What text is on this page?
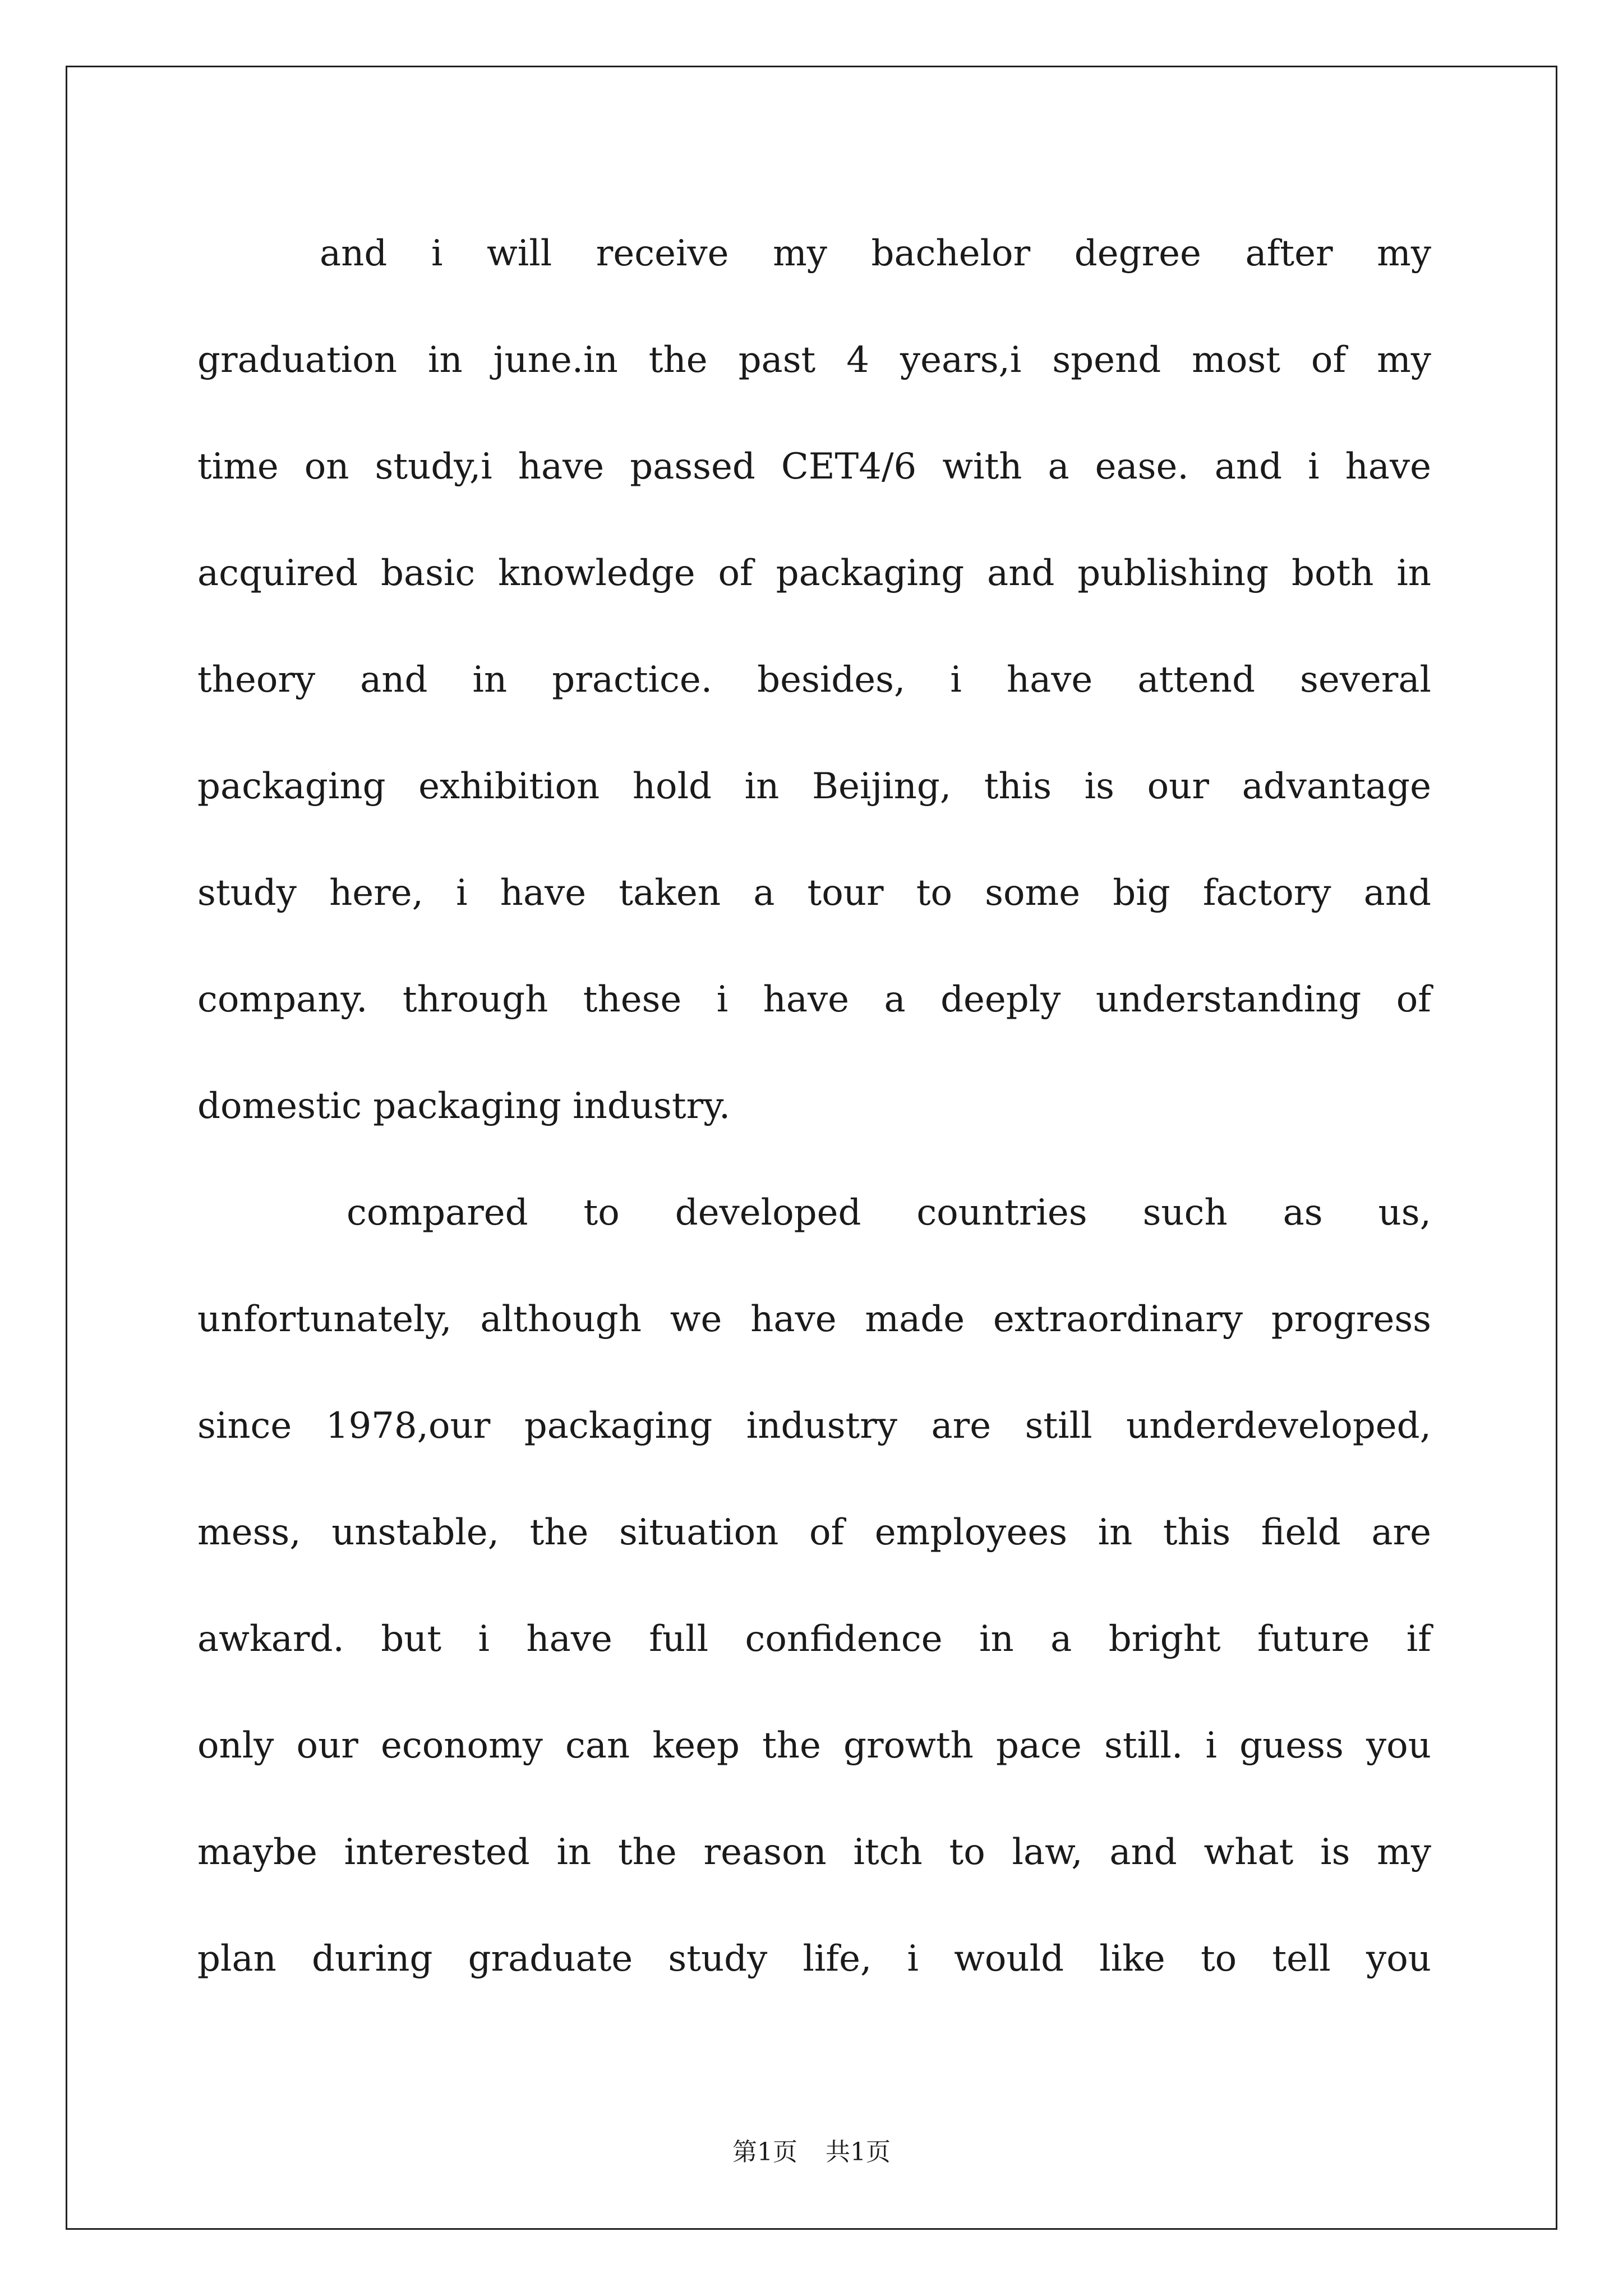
and i will receive my bachelor degree after my
graduation in june.in the past 4 years,i spend most of my
time on study,i have passed CET4/6 with a ease. and i have
acquired basic knowledge of packaging and publishing both in
theory and in practice. besides, i have attend several
packaging exhibition hold in Beijing, this is our advantage
study here, i have taken a tour to some big factory and
company. through these i have a deeply understanding of
domestic packaging industry.
compared to developed countries such as us,
unfortunately, although we have made extraordinary progress
since 1978,our packaging industry are still underdeveloped,
mess, unstable, the situation of employees in this field are
awkard. but i have full confidence in a bright future if
only our economy can keep the growth pace still. i guess you
maybe interested in the reason itch to law, and what is my
plan during graduate study life, i would like to tell you
第1页 共1页
